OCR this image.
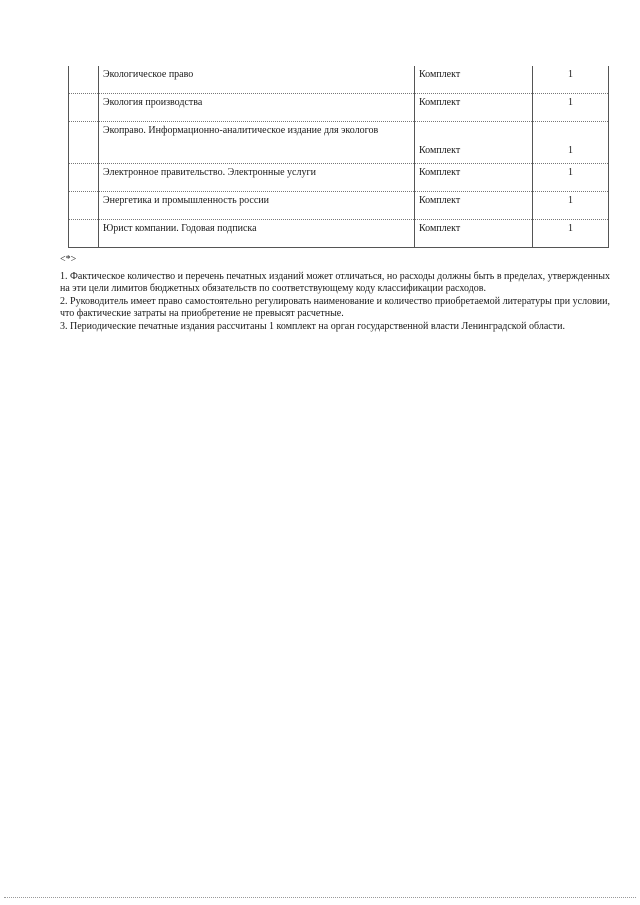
	Экологическое право	Комплект	1

	Экология производства	Комплект	1

	Экоправо. Информационно-аналитическое издание для экологов	Комплект	1

	Электронное правительство. Электронные услуги	Комплект	1

	Энергетика и промышленность россии	Комплект	1

	Юрист компании. Годовая подписка	Комплект	1
<*>

1. Фактическое количество и перечень печатных изданий может отличаться, но расходы должны быть в пределах, утвержденных на эти цели лимитов бюджетных обязательств по соответствующему коду классификации расходов.

2. Руководитель имеет право самостоятельно регулировать наименование и количество приобретаемой литературы при условии, что фактические затраты на приобретение не превысят расчетные.

3. Периодические печатные издания рассчитаны 1 комплект на орган государственной власти Ленинградской области.
